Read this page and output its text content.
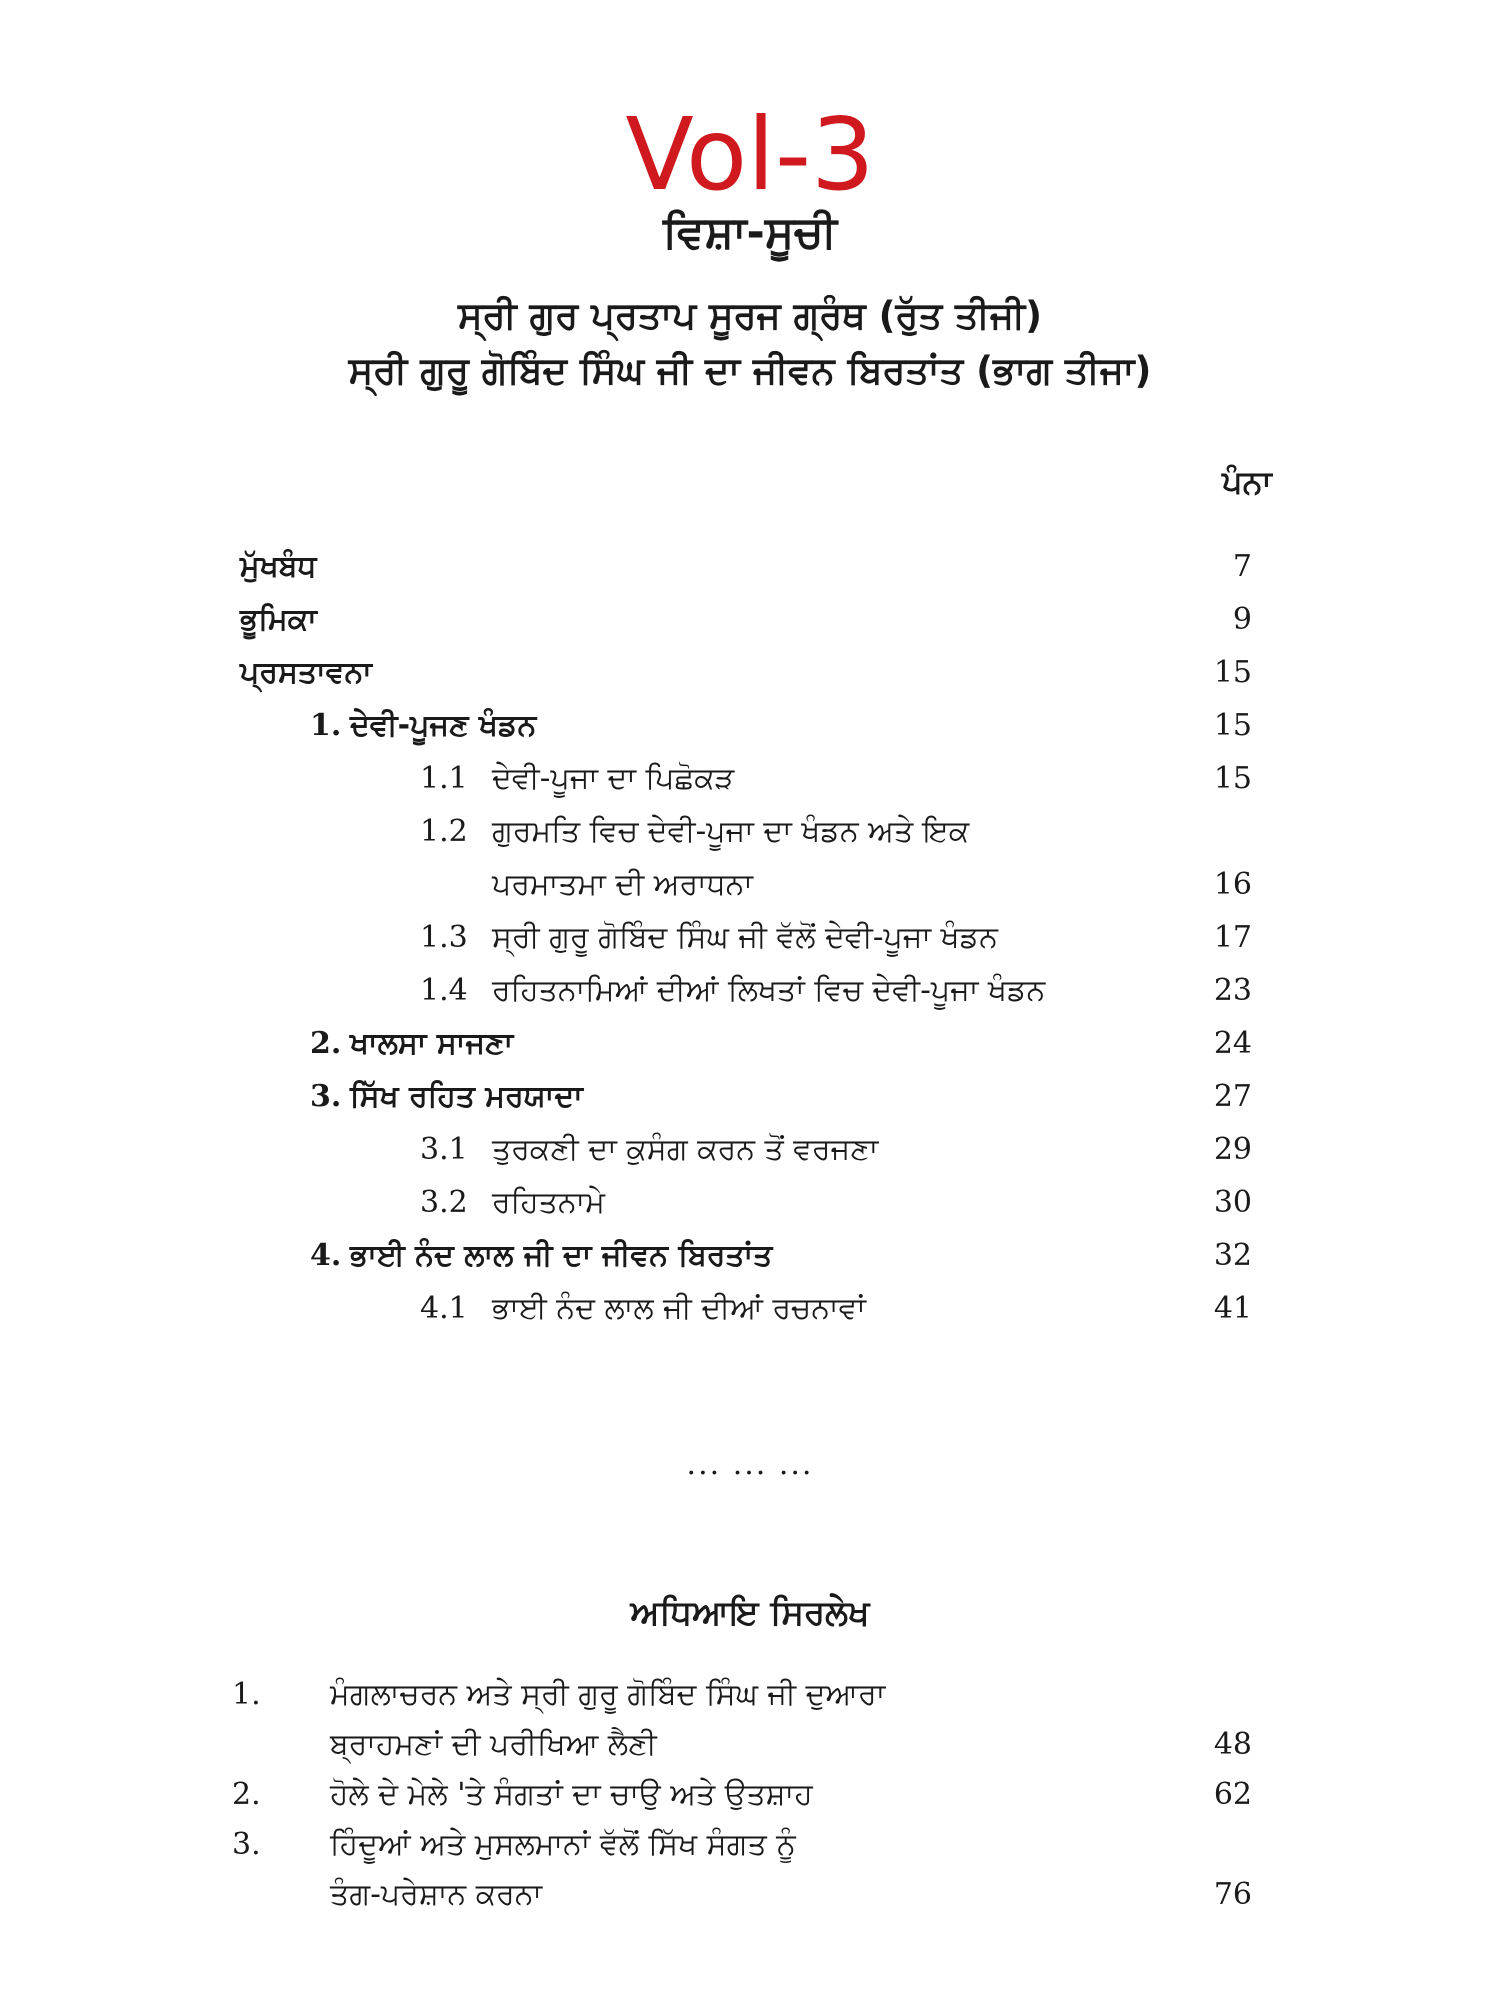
Vol-3
ਵਿਸ਼ਾ-ਸੂਚੀ
ਸ੍ਰੀ ਗੁਰ ਪ੍ਰਤਾਪ ਸੂਰਜ ਗ੍ਰੰਥ (ਰੁੱਤ ਤੀਜੀ)
ਸ੍ਰੀ ਗੁਰੂ ਗੋਬਿੰਦ ਸਿੰਘ ਜੀ ਦਾ ਜੀਵਨ ਬਿਰਤਾਂਤ (ਭਾਗ ਤੀਜਾ)
ਪੰਨਾ
ਮੁੱਖਬੰਧ	7
ਭੂਮਿਕਾ	9
ਪ੍ਰਸਤਾਵਨਾ	15
1. ਦੇਵੀ-ਪੂਜਣ ਖੰਡਨ	15
1.1 ਦੇਵੀ-ਪੂਜਾ ਦਾ ਪਿਛੋਕੜ	15
1.2 ਗੁਰਮਤਿ ਵਿਚ ਦੇਵੀ-ਪੂਜਾ ਦਾ ਖੰਡਨ ਅਤੇ ਇਕ
ਪਰਮਾਤਮਾ ਦੀ ਅਰਾਧਨਾ	16
1.3 ਸ੍ਰੀ ਗੁਰੂ ਗੋਬਿੰਦ ਸਿੰਘ ਜੀ ਵੱਲੋਂ ਦੇਵੀ-ਪੂਜਾ ਖੰਡਨ	17
1.4 ਰਹਿਤਨਾਮਿਆਂ ਦੀਆਂ ਲਿਖਤਾਂ ਵਿਚ ਦੇਵੀ-ਪੂਜਾ ਖੰਡਨ	23
2. ਖਾਲਸਾ ਸਾਜਣਾ	24
3. ਸਿੱਖ ਰਹਿਤ ਮਰਯਾਦਾ	27
3.1 ਤੁਰਕਣੀ ਦਾ ਕੁਸੰਗ ਕਰਨ ਤੋਂ ਵਰਜਣਾ	29
3.2 ਰਹਿਤਨਾਮੇ	30
4. ਭਾਈ ਨੰਦ ਲਾਲ ਜੀ ਦਾ ਜੀਵਨ ਬਿਰਤਾਂਤ	32
4.1 ਭਾਈ ਨੰਦ ਲਾਲ ਜੀ ਦੀਆਂ ਰਚਨਾਵਾਂ	41
... ... ...
ਅਧਿਆਇ ਸਿਰਲੇਖ
1. ਮੰਗਲਾਚਰਨ ਅਤੇ ਸ੍ਰੀ ਗੁਰੂ ਗੋਬਿੰਦ ਸਿੰਘ ਜੀ ਦੁਆਰਾ
ਬ੍ਰਾਹਮਣਾਂ ਦੀ ਪਰੀਖਿਆ ਲੈਣੀ	48
2. ਹੋਲੇ ਦੇ ਮੇਲੇ 'ਤੇ ਸੰਗਤਾਂ ਦਾ ਚਾਉ ਅਤੇ ਉਤਸ਼ਾਹ	62
3. ਹਿੰਦੂਆਂ ਅਤੇ ਮੁਸਲਮਾਨਾਂ ਵੱਲੋਂ ਸਿੱਖ ਸੰਗਤ ਨੂੰ
ਤੰਗ-ਪਰੇਸ਼ਾਨ ਕਰਨਾ	76
